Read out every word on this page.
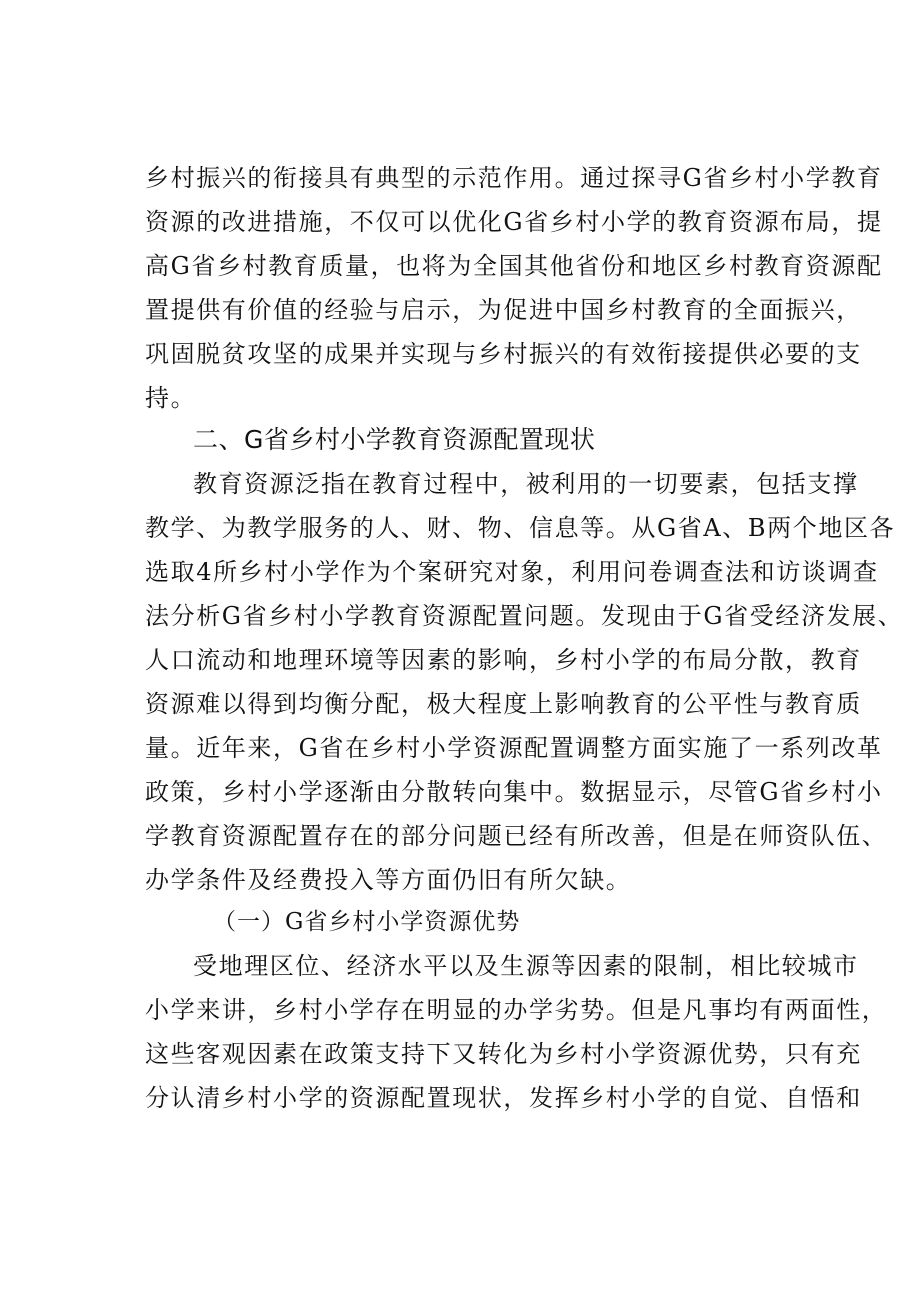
乡村振兴的衔接具有典型的示范作用。通过探寻G省乡村小学教育
资源的改进措施，不仅可以优化G省乡村小学的教育资源布局，提
高G省乡村教育质量，也将为全国其他省份和地区乡村教育资源配
置提供有价值的经验与启示，为促进中国乡村教育的全面振兴，
巩固脱贫攻坚的成果并实现与乡村振兴的有效衔接提供必要的支
持。
二、G省乡村小学教育资源配置现状
教育资源泛指在教育过程中，被利用的一切要素，包括支撑
教学、为教学服务的人、财、物、信息等。从G省A、B两个地区各
选取4所乡村小学作为个案研究对象，利用问卷调查法和访谈调查
法分析G省乡村小学教育资源配置问题。发现由于G省受经济发展、
人口流动和地理环境等因素的影响，乡村小学的布局分散，教育
资源难以得到均衡分配，极大程度上影响教育的公平性与教育质
量。近年来，G省在乡村小学资源配置调整方面实施了一系列改革
政策，乡村小学逐渐由分散转向集中。数据显示，尽管G省乡村小
学教育资源配置存在的部分问题已经有所改善，但是在师资队伍、
办学条件及经费投入等方面仍旧有所欠缺。
（一）G省乡村小学资源优势
受地理区位、经济水平以及生源等因素的限制，相比较城市
小学来讲，乡村小学存在明显的办学劣势。但是凡事均有两面性，
这些客观因素在政策支持下又转化为乡村小学资源优势，只有充
分认清乡村小学的资源配置现状，发挥乡村小学的自觉、自悟和
